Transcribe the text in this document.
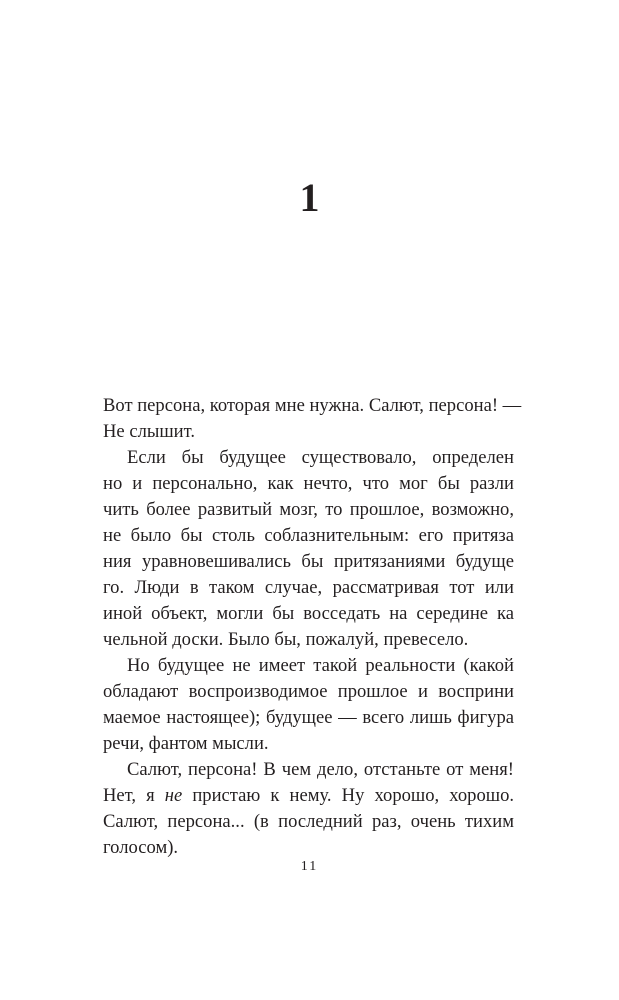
1
Вот персона, которая мне нужна. Салют, персона! —
Не слышит.
Если бы будущее существовало, определен
но и персонально, как нечто, что мог бы разли
чить более развитый мозг, то прошлое, возможно,
не было бы столь соблазнительным: его притяза
ния уравновешивались бы притязаниями будуще
го. Люди в таком случае, рассматривая тот или
иной объект, могли бы восседать на середине ка
чельной доски. Было бы, пожалуй, превесело.
Но будущее не имеет такой реальности (какой
обладают воспроизводимое прошлое и восприни
маемое настоящее); будущее — всего лишь фигура
речи, фантом мысли.
Салют, персона! В чем дело, отстаньте от меня!
Нет, я не пристаю к нему. Ну хорошо, хорошо.
Салют, персона... (в последний раз, очень тихим
голосом).
11
